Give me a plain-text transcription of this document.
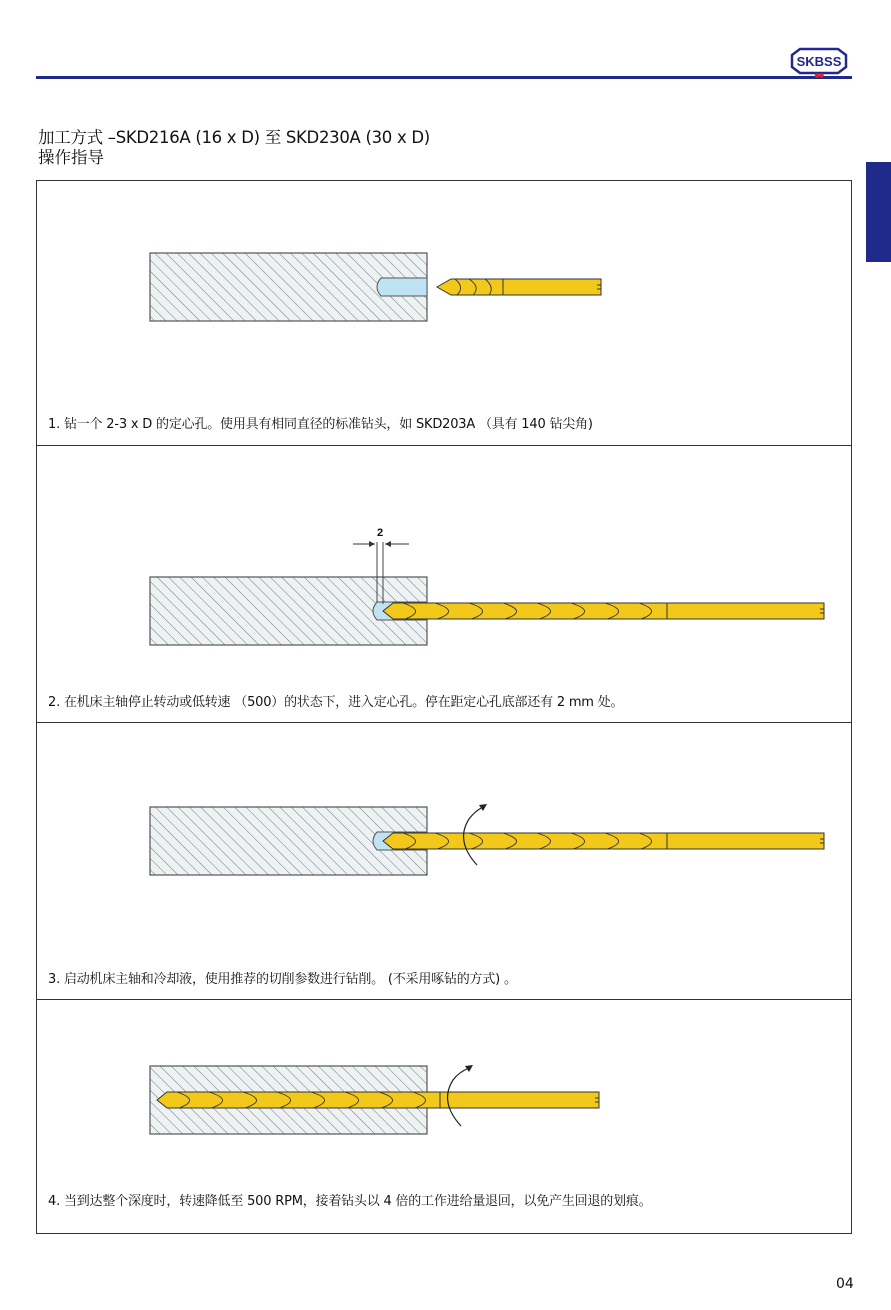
SKBSS
加工方式 –SKD216A (16 x D) 至 SKD230A (30 x D)
操作指导
1. 钻一个 2-3 x D 的定心孔。使用具有相同直径的标准钻头，如 SKD203A （具有 140 钻尖角)
2
2. 在机床主轴停止转动或低转速 （500）的状态下，进入定心孔。停在距定心孔底部还有 2 mm 处。
3. 启动机床主轴和冷却液，使用推荐的切削参数进行钻削。 (不采用啄钻的方式) 。
4. 当到达整个深度时，转速降低至 500 RPM，接着钻头以 4 倍的工作进给量退回，以免产生回退的划痕。
04
